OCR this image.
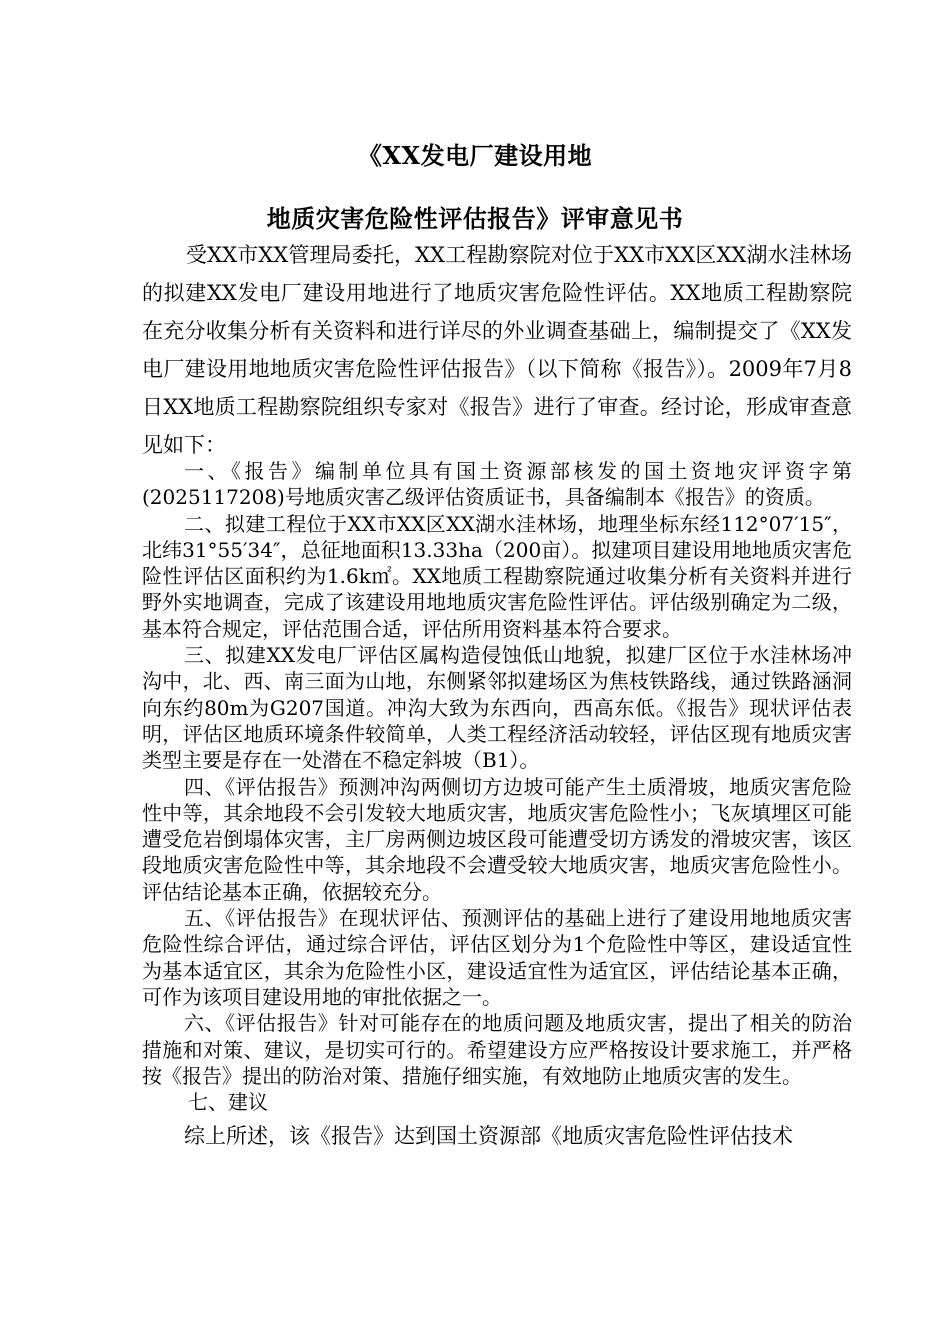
《XX发电厂建设用地
地质灾害危险性评估报告》评审意见书

受XX市XX管理局委托，XX工程勘察院对位于XX市XX区XX湖水洼林场的拟建XX发电厂建设用地进行了地质灾害危险性评估。XX地质工程勘察院在充分收集分析有关资料和进行详尽的外业调查基础上，编制提交了《XX发电厂建设用地地质灾害危险性评估报告》（以下简称《报告》）。2009年7月8日XX地质工程勘察院组织专家对《报告》进行了审查。经讨论，形成审查意见如下：

一、《报告》编制单位具有国土资源部核发的国土资地灾评资字第(2025117208)号地质灾害乙级评估资质证书，具备编制本《报告》的资质。

二、拟建工程位于XX市XX区XX湖水洼林场，地理坐标东经112°07′15″，北纬31°55′34″，总征地面积13.33ha（200亩）。拟建项目建设用地地质灾害危险性评估区面积约为1.6k㎡。XX地质工程勘察院通过收集分析有关资料并进行野外实地调查，完成了该建设用地地质灾害危险性评估。评估级别确定为二级，基本符合规定，评估范围合适，评估所用资料基本符合要求。

三、拟建XX发电厂评估区属构造侵蚀低山地貌，拟建厂区位于水洼林场冲沟中，北、西、南三面为山地，东侧紧邻拟建场区为焦枝铁路线，通过铁路涵洞向东约80m为G207国道。冲沟大致为东西向，西高东低。《报告》现状评估表明，评估区地质环境条件较简单，人类工程经济活动较轻，评估区现有地质灾害类型主要是存在一处潜在不稳定斜坡（B1）。

四、《评估报告》预测冲沟两侧切方边坡可能产生土质滑坡，地质灾害危险性中等，其余地段不会引发较大地质灾害，地质灾害危险性小；飞灰填埋区可能遭受危岩倒塌体灾害，主厂房两侧边坡区段可能遭受切方诱发的滑坡灾害，该区段地质灾害危险性中等，其余地段不会遭受较大地质灾害，地质灾害危险性小。评估结论基本正确，依据较充分。

五、《评估报告》在现状评估、预测评估的基础上进行了建设用地地质灾害危险性综合评估，通过综合评估，评估区划分为1个危险性中等区，建设适宜性为基本适宜区，其余为危险性小区，建设适宜性为适宜区，评估结论基本正确，可作为该项目建设用地的审批依据之一。

六、《评估报告》针对可能存在的地质问题及地质灾害，提出了相关的防治措施和对策、建议，是切实可行的。希望建设方应严格按设计要求施工，并严格按《报告》提出的防治对策、措施仔细实施，有效地防止地质灾害的发生。

七、建议

综上所述，该《报告》达到国土资源部《地质灾害危险性评估技术
